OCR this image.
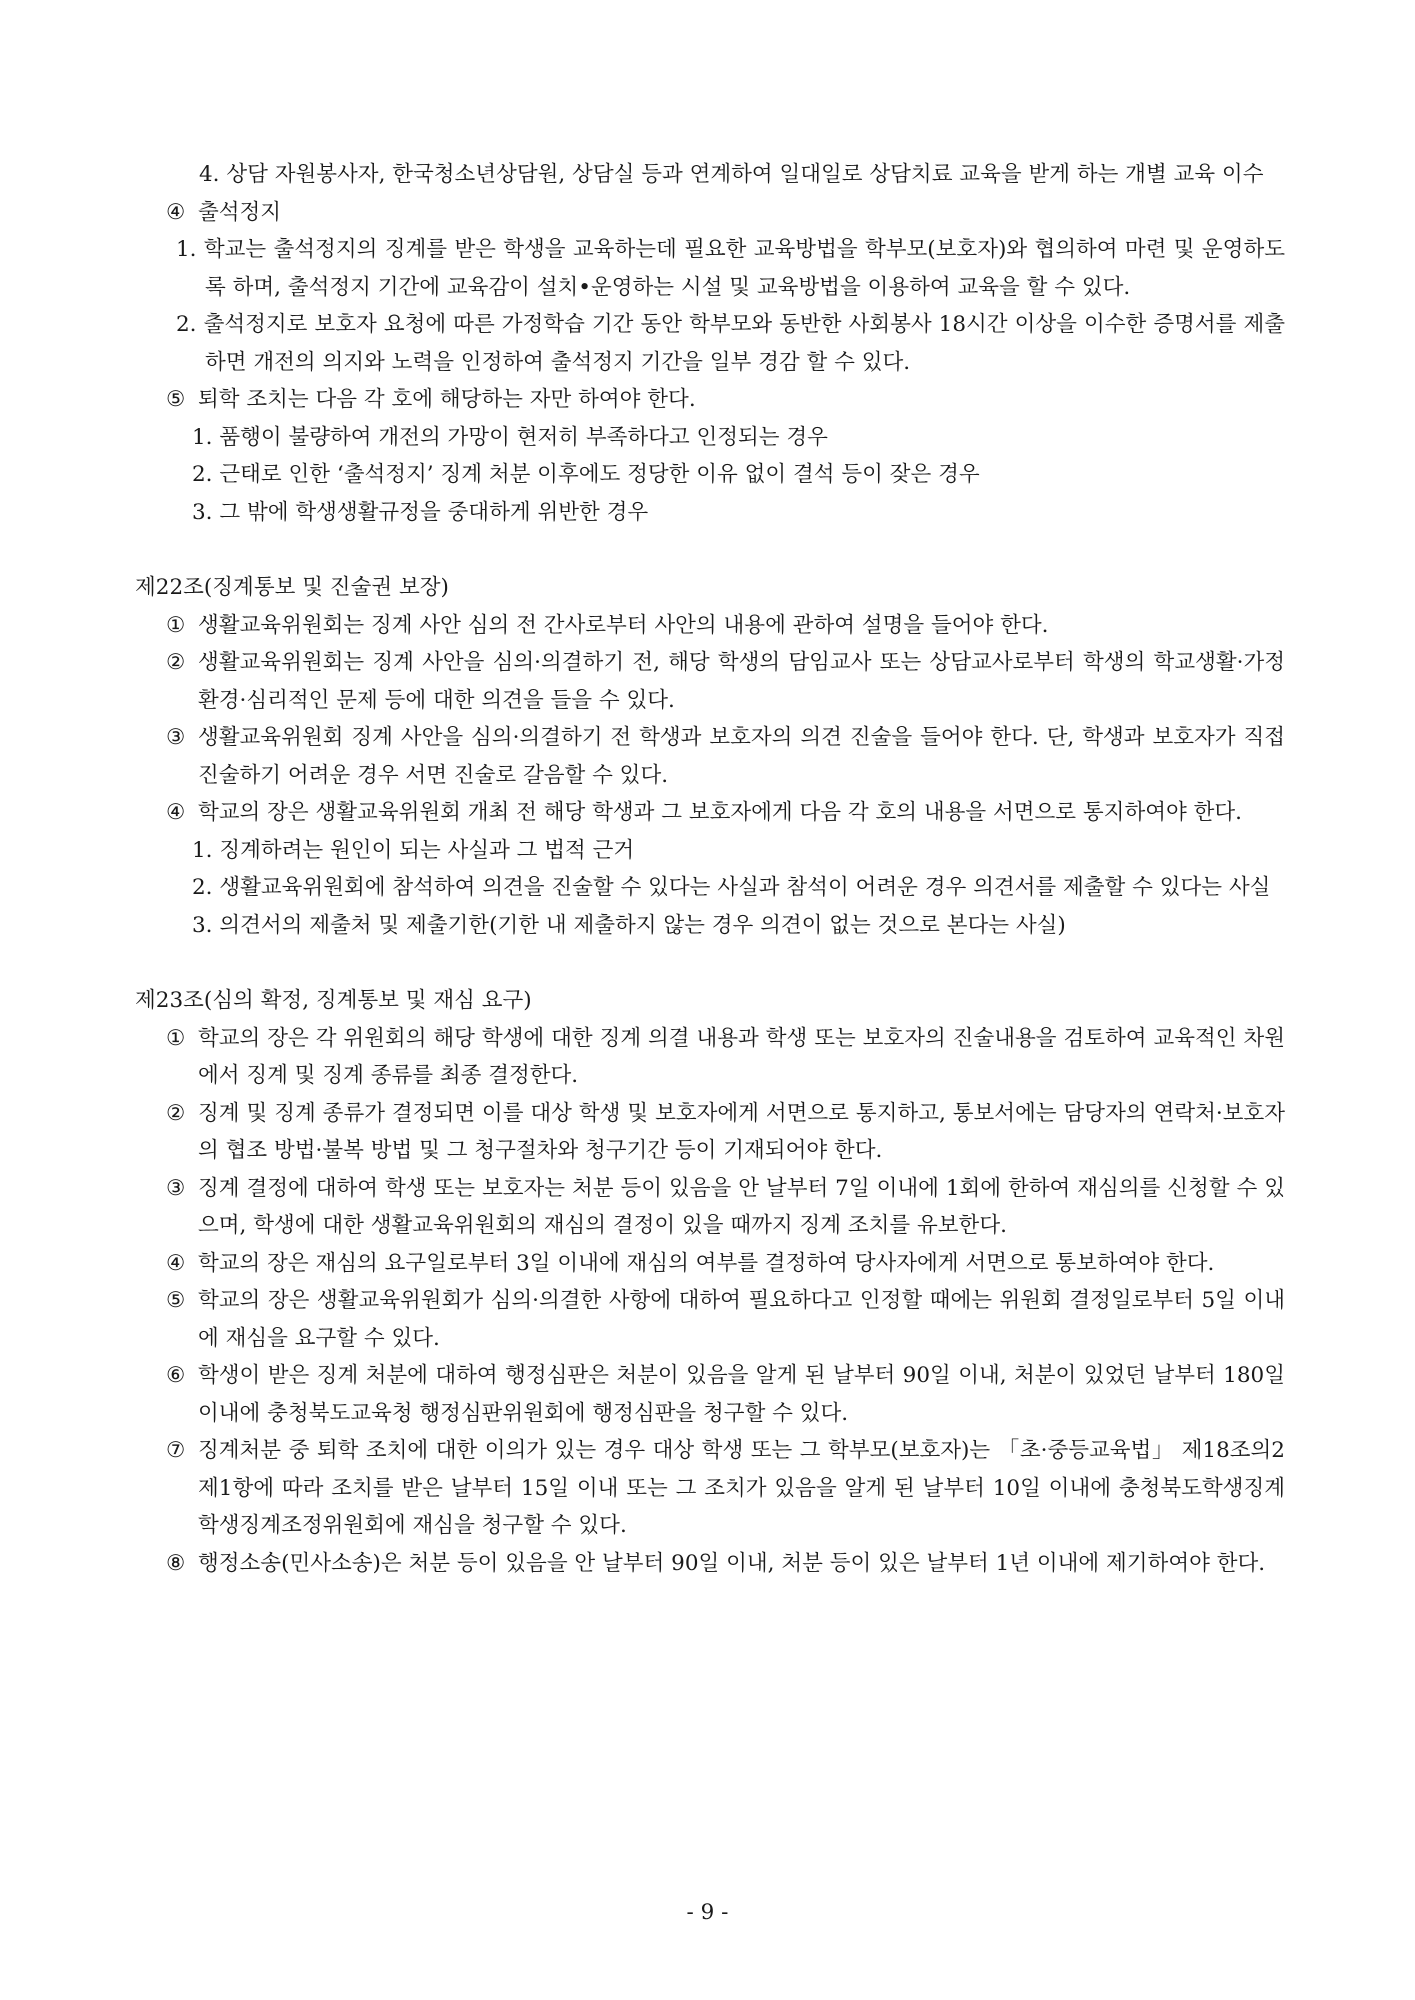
4. 상담 자원봉사자, 한국청소년상담원, 상담실 등과 연계하여 일대일로 상담치료 교육을 받게 하는 개별 교육 이수

④ 출석정지

1. 학교는 출석정지의 징계를 받은 학생을 교육하는데 필요한 교육방법을 학부모(보호자)와 협의하여 마련 및 운영하도록 하며, 출석정지 기간에 교육감이 설치•운영하는 시설 및 교육방법을 이용하여 교육을 할 수 있다.

2. 출석정지로 보호자 요청에 따른 가정학습 기간 동안 학부모와 동반한 사회봉사 18시간 이상을 이수한 증명서를 제출하면 개전의 의지와 노력을 인정하여 출석정지 기간을 일부 경감 할 수 있다.

⑤ 퇴학 조치는 다음 각 호에 해당하는 자만 하여야 한다.

1. 품행이 불량하여 개전의 가망이 현저히 부족하다고 인정되는 경우

2. 근태로 인한 ‘출석정지’ 징계 처분 이후에도 정당한 이유 없이 결석 등이 잦은 경우

3. 그 밖에 학생생활규정을 중대하게 위반한 경우

제22조(징계통보 및 진술권 보장)

① 생활교육위원회는 징계 사안 심의 전 간사로부터 사안의 내용에 관하여 설명을 들어야 한다.

② 생활교육위원회는 징계 사안을 심의·의결하기 전, 해당 학생의 담임교사 또는 상담교사로부터 학생의 학교생활·가정환경·심리적인 문제 등에 대한 의견을 들을 수 있다.

③ 생활교육위원회 징계 사안을 심의·의결하기 전 학생과 보호자의 의견 진술을 들어야 한다. 단, 학생과 보호자가 직접 진술하기 어려운 경우 서면 진술로 갈음할 수 있다.

④ 학교의 장은 생활교육위원회 개최 전 해당 학생과 그 보호자에게 다음 각 호의 내용을 서면으로 통지하여야 한다.

1. 징계하려는 원인이 되는 사실과 그 법적 근거

2. 생활교육위원회에 참석하여 의견을 진술할 수 있다는 사실과 참석이 어려운 경우 의견서를 제출할 수 있다는 사실

3. 의견서의 제출처 및 제출기한(기한 내 제출하지 않는 경우 의견이 없는 것으로 본다는 사실)

제23조(심의 확정, 징계통보 및 재심 요구)

① 학교의 장은 각 위원회의 해당 학생에 대한 징계 의결 내용과 학생 또는 보호자의 진술내용을 검토하여 교육적인 차원에서 징계 및 징계 종류를 최종 결정한다.

② 징계 및 징계 종류가 결정되면 이를 대상 학생 및 보호자에게 서면으로 통지하고, 통보서에는 담당자의 연락처·보호자의 협조 방법·불복 방법 및 그 청구절차와 청구기간 등이 기재되어야 한다.

③ 징계 결정에 대하여 학생 또는 보호자는 처분 등이 있음을 안 날부터 7일 이내에 1회에 한하여 재심의를 신청할 수 있으며, 학생에 대한 생활교육위원회의 재심의 결정이 있을 때까지 징계 조치를 유보한다.

④ 학교의 장은 재심의 요구일로부터 3일 이내에 재심의 여부를 결정하여 당사자에게 서면으로 통보하여야 한다.

⑤ 학교의 장은 생활교육위원회가 심의·의결한 사항에 대하여 필요하다고 인정할 때에는 위원회 결정일로부터 5일 이내에 재심을 요구할 수 있다.

⑥ 학생이 받은 징계 처분에 대하여 행정심판은 처분이 있음을 알게 된 날부터 90일 이내, 처분이 있었던 날부터 180일 이내에 충청북도교육청 행정심판위원회에 행정심판을 청구할 수 있다.

⑦ 징계처분 중 퇴학 조치에 대한 이의가 있는 경우 대상 학생 또는 그 학부모(보호자)는 「초·중등교육법」 제18조의2 제1항에 따라 조치를 받은 날부터 15일 이내 또는 그 조치가 있음을 알게 된 날부터 10일 이내에 충청북도학생징계 학생징계조정위원회에 재심을 청구할 수 있다.

⑧ 행정소송(민사소송)은 처분 등이 있음을 안 날부터 90일 이내, 처분 등이 있은 날부터 1년 이내에 제기하여야 한다.

- 9 -
